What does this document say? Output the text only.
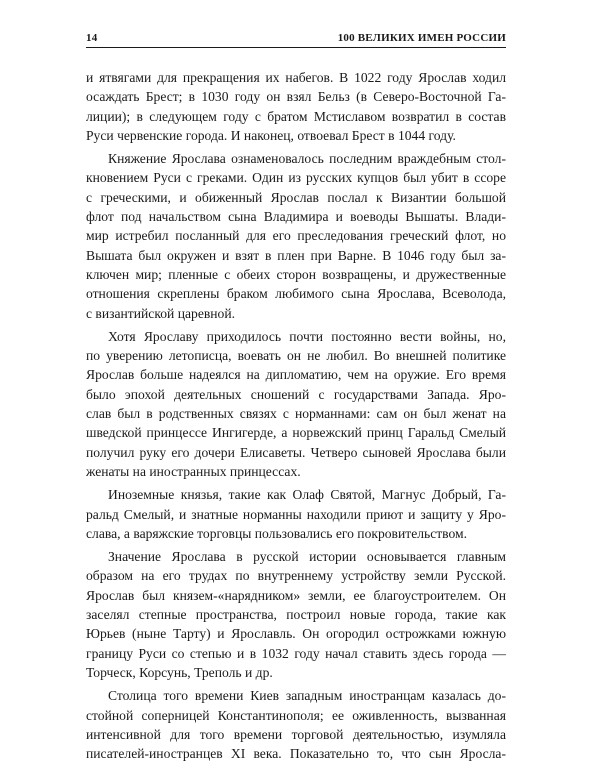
14	100 ВЕЛИКИХ ИМЕН РОССИИ
и ятвягами для прекращения их набегов. В 1022 году Ярослав ходил
осаждать Брест; в 1030 году он взял Бельз (в Северо-Восточной Га-
лиции); в следующем году с братом Мстиславом возвратил в состав
Руси червенские города. И наконец, отвоевал Брест в 1044 году.
Княжение Ярослава ознаменовалось последним враждебным стол-
кновением Руси с греками. Один из русских купцов был убит в ссоре
с греческими, и обиженный Ярослав послал к Византии большой
флот под начальством сына Владимира и воеводы Вышаты. Влади-
мир истребил посланный для его преследования греческий флот, но
Вышата был окружен и взят в плен при Варне. В 1046 году был за-
ключен мир; пленные с обеих сторон возвращены, и дружественные
отношения скреплены браком любимого сына Ярослава, Всеволода,
с византийской царевной.
Хотя Ярославу приходилось почти постоянно вести войны, но,
по уверению летописца, воевать он не любил. Во внешней политике
Ярослав больше надеялся на дипломатию, чем на оружие. Его время
было эпохой деятельных сношений с государствами Запада. Яро-
слав был в родственных связях с норманнами: сам он был женат на
шведской принцессе Ингигерде, а норвежский принц Гаральд Смелый
получил руку его дочери Елисаветы. Четверо сыновей Ярослава были
женаты на иностранных принцессах.
Иноземные князья, такие как Олаф Святой, Магнус Добрый, Га-
ральд Смелый, и знатные норманны находили приют и защиту у Яро-
слава, а варяжские торговцы пользовались его покровительством.
Значение Ярослава в русской истории основывается главным
образом на его трудах по внутреннему устройству земли Русской.
Ярослав был князем-«нарядником» земли, ее благоустроителем. Он
заселял степные пространства, построил новые города, такие как
Юрьев (ныне Тарту) и Ярославль. Он огородил острожками южную
границу Руси со степью и в 1032 году начал ставить здесь города —
Торческ, Корсунь, Треполь и др.
Столица того времени Киев западным иностранцам казалась до-
стойной соперницей Константинополя; ее оживленность, вызванная
интенсивной для того времени торговой деятельностью, изумляла
писателей-иностранцев XI века. Показательно то, что сын Яросла-
